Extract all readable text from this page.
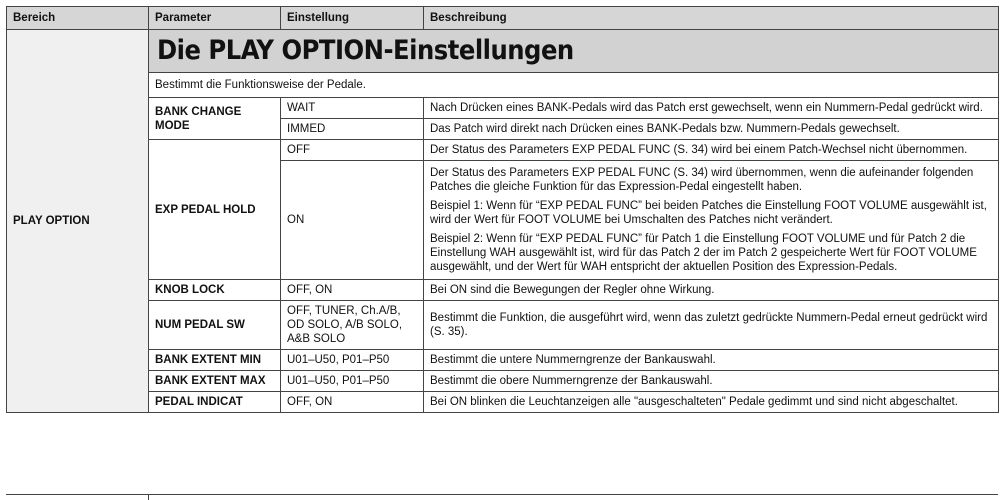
Bereich	Parameter	Einstellung	Beschreibung
PLAY OPTION	Die PLAY OPTION-Einstellungen		
	Bestimmt die Funktionsweise der Pedale.		
	BANK CHANGE MODE	WAIT	Nach Drücken eines BANK-Pedals wird das Patch erst gewechselt, wenn ein Nummern-Pedal gedrückt wird.
		IMMED	Das Patch wird direkt nach Drücken eines BANK-Pedals bzw. Nummern-Pedals gewechselt.
	EXP PEDAL HOLD	OFF	Der Status des Parameters EXP PEDAL FUNC (S. 34) wird bei einem Patch-Wechsel nicht übernommen.
		ON	Der Status des Parameters EXP PEDAL FUNC (S. 34) wird übernommen, wenn die aufeinander folgenden Patches die gleiche Funktion für das Expression-Pedal eingestellt haben.

Beispiel 1: Wenn für “EXP PEDAL FUNC” bei beiden Patches die Einstellung FOOT VOLUME ausgewählt ist, wird der Wert für FOOT VOLUME bei Umschalten des Patches nicht verändert.

Beispiel 2: Wenn für “EXP PEDAL FUNC” für Patch 1 die Einstellung FOOT VOLUME und für Patch 2 die Einstellung WAH ausgewählt ist, wird für das Patch 2 der im Patch 2 gespeicherte Wert für FOOT VOLUME ausgewählt, und der Wert für WAH entspricht der aktuellen Position des Expression-Pedals.

	KNOB LOCK	OFF, ON	Bei ON sind die Bewegungen der Regler ohne Wirkung.
	NUM PEDAL SW	OFF, TUNER, Ch.A/B, OD SOLO, A/B SOLO, A&B SOLO	Bestimmt die Funktion, die ausgeführt wird, wenn das zuletzt gedrückte Nummern-Pedal erneut gedrückt wird (S. 35).
	BANK EXTENT MIN	U01–U50, P01–P50	Bestimmt die untere Nummerngrenze der Bankauswahl.
	BANK EXTENT MAX	U01–U50, P01–P50	Bestimmt die obere Nummerngrenze der Bankauswahl.
	PEDAL INDICAT	OFF, ON	Bei ON blinken die Leuchtanzeigen alle "ausgeschalteten" Pedale gedimmt und sind nicht abgeschaltet.
